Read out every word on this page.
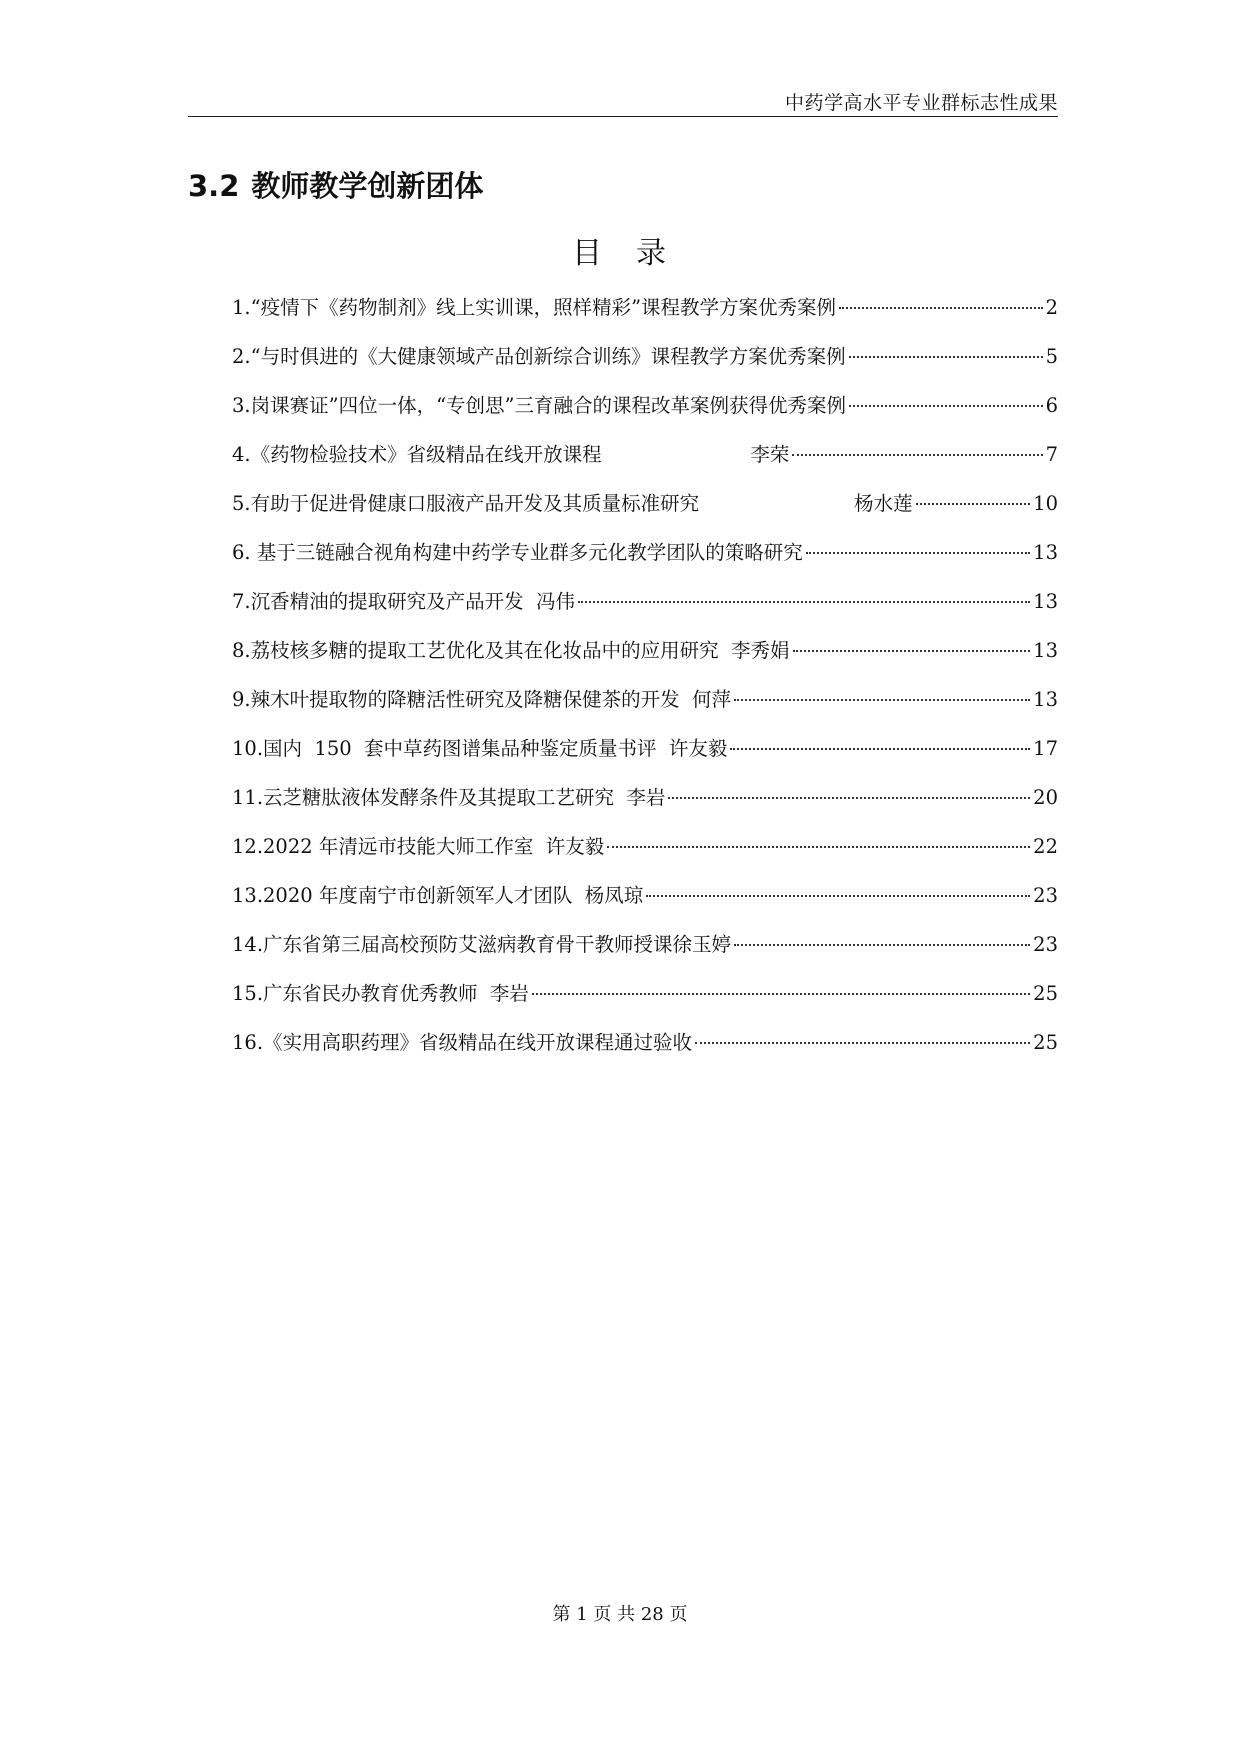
中药学高水平专业群标志性成果
3.2 教师教学创新团体
目　录
1.“疫情下《药物制剂》线上实训课，照样精彩”课程教学方案优秀案例	2
2.“与时俱进的《大健康领域产品创新综合训练》课程教学方案优秀案例	5
3.岗课赛证”四位一体，“专创思”三育融合的课程改革案例获得优秀案例	6
4.《药物检验技术》省级精品在线开放课程                        李荣	7
5.有助于促进骨健康口服液产品开发及其质量标准研究                         杨水莲	10
6. 基于三链融合视角构建中药学专业群多元化教学团队的策略研究	13
7.沉香精油的提取研究及产品开发  冯伟	13
8.荔枝核多糖的提取工艺优化及其在化妆品中的应用研究  李秀娟	13
9.辣木叶提取物的降糖活性研究及降糖保健茶的开发  何萍	13
10.国内  150  套中草药图谱集品种鉴定质量书评  许友毅	17
11.云芝糖肽液体发酵条件及其提取工艺研究  李岩	20
12.2022 年清远市技能大师工作室  许友毅	22
13.2020 年度南宁市创新领军人才团队  杨凤琼	23
14.广东省第三届高校预防艾滋病教育骨干教师授课徐玉婷	23
15.广东省民办教育优秀教师  李岩	25
16.《实用高职药理》省级精品在线开放课程通过验收	25
第 1 页 共 28 页
